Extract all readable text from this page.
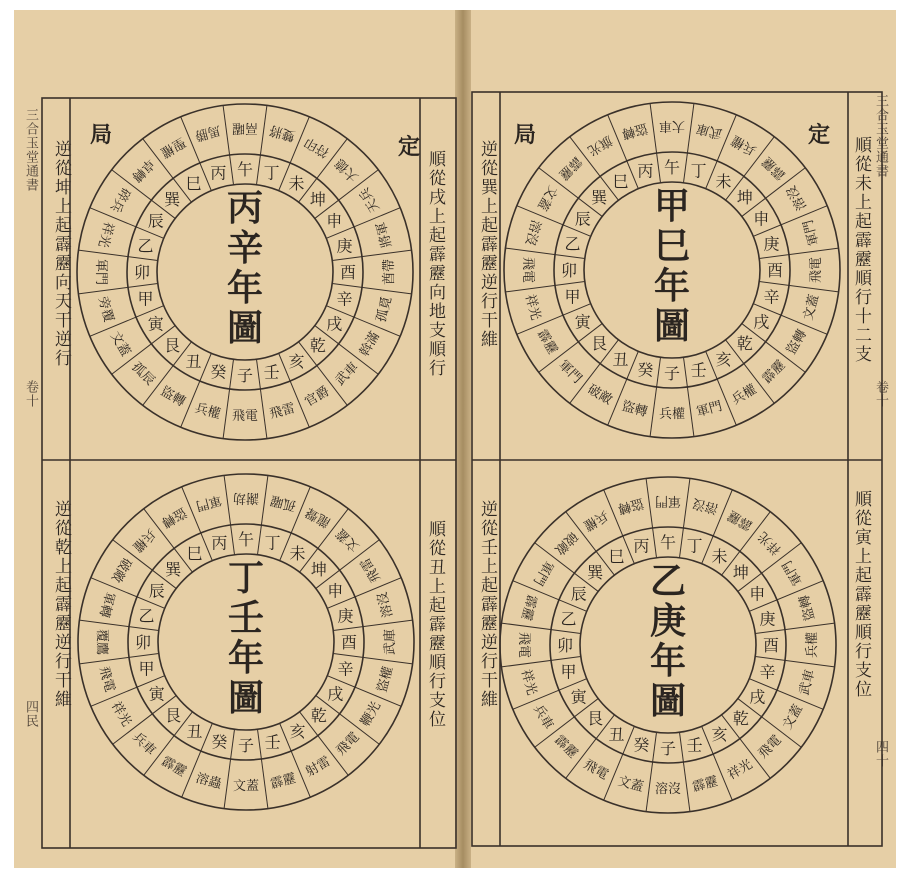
定
局
三合玉堂通書
卷十
四民
順從戌上起霹靂向地支順行
逆從坤上起霹靂向天干逆行
順從丑上起霹靂順行支位
逆從乾上起霹靂逆行干維
定
局	三合玉堂通書
卷十
四十
順從未上起霹靂順行十二支
逆從巽上起霹靂逆行干維
順從寅上起霹靂順行支位
逆從壬上起霹靂逆行干維
子
癸
丑
艮
寅
甲
卯
乙
辰
巽
巳
丙 午 丁
未
坤
申
庚
酉
辛
戌
乾
亥
壬
飛電
兵權
盜轉
孤辰
文蓋
旁覆
軍門
祥光
碎兵
卓轉
聖權
馬勝 鬲曜 雙將
符印
大德
天兵
將軍
酋帶
孤覓
斡滿
武車
官爵
飛雷
丙
辛
年
圖
子
癸
丑
艮
寅
甲
卯
乙
辰
巽
巳
丙 午 丁
未
坤
申
庚
酉
辛
戌
乾
亥
壬
文蓋
溶蟲
霹靂
兵車
祥光
飛電
覆鷹
軍轉
破敵
兵權
盜轉
軍門 謝劫 孤曜
龍聲
文蓋
飛雷
溶沒
武庫
盜權
鞭光
飛電
射雷
霹靂
丁
壬
年
圖
子
癸
丑
艮
寅
甲
卯
乙
辰
巽
巳
丙 午 丁
未
坤
申
庚
酉
辛
戌
乾
亥
壬
兵權
盜轉
破敵
軍門
霹靂
祥光
飛電
溶沒
文蓋
霹靂
旗光
盜轉 大車 武庫
兵權
霹靂
溶沒
軍門
飛電
文蓋
盜轉
霹靂
兵權
軍門
甲
巳
年
圖
子
癸
丑
艮
寅
甲
卯
乙
辰
巽
巳
丙 午 丁
未
坤
申
庚
酉
辛
戌
乾
亥
壬
溶沒
文蓋
飛電
霹靂
兵車
祥光
飛電
霹靂
軍門
破敵
兵權
盜轉 軍門 溶沒
霹靂
祥光
軍門
盜轉
兵權
武車
文蓋
飛電
祥光
霹靂
乙
庚
年
圖
